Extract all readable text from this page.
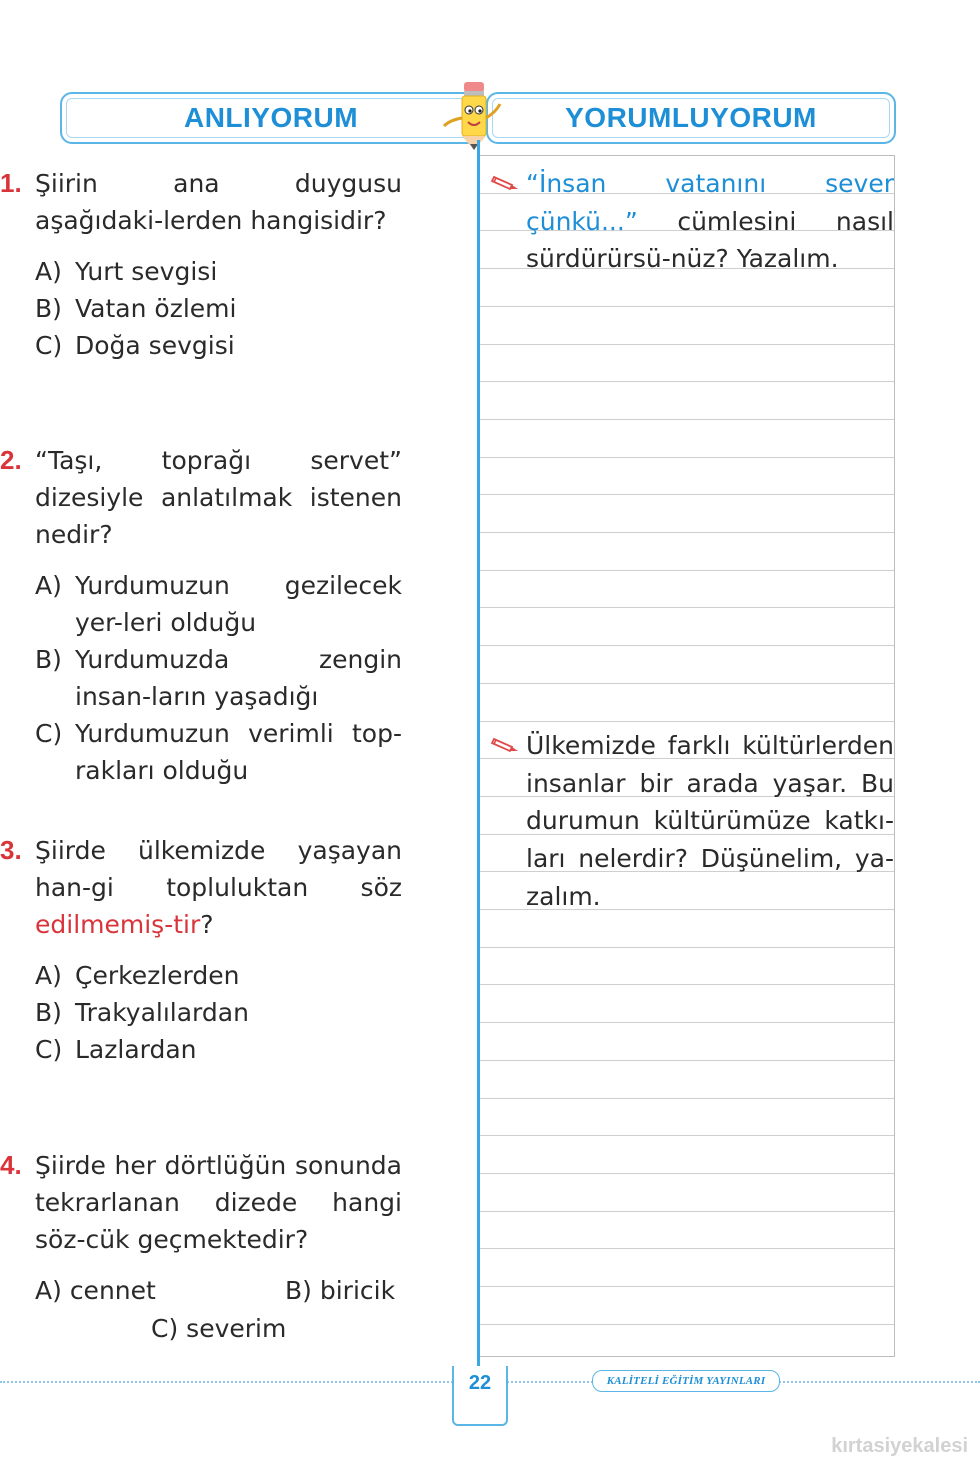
ANLIYORUM	YORUMLUYORUM
1. Şiirin ana duygusu aşağıdaki-lerden hangisidir?
A) Yurt sevgisi
B) Vatan özlemi
C) Doğa sevgisi
2. “Taşı, toprağı servet” dizesiyle anlatılmak istenen nedir?
A) Yurdumuzun gezilecek yer-leri olduğu
B) Yurdumuzda zengin insan-ların yaşadığı
C) Yurdumuzun verimli top-rakları olduğu
3. Şiirde ülkemizde yaşayan han-gi topluluktan söz edilmemiş-tir?
A) Çerkezlerden
B) Trakyalılardan
C) Lazlardan
4. Şiirde her dörtlüğün sonunda tekrarlanan dizede hangi söz-cük geçmektedir?
A) cennet	B) biricik
C) severim
“İnsan vatanını sever çünkü...” cümlesini nasıl sürdürürsü-nüz? Yazalım.
Ülkemizde farklı kültürlerden insanlar bir arada yaşar. Bu durumun kültürümüze katkı-ları nelerdir? Düşünelim, ya-zalım.
22	KALİTELİ EĞİTİM YAYINLARI
kırtasiyekalesi
